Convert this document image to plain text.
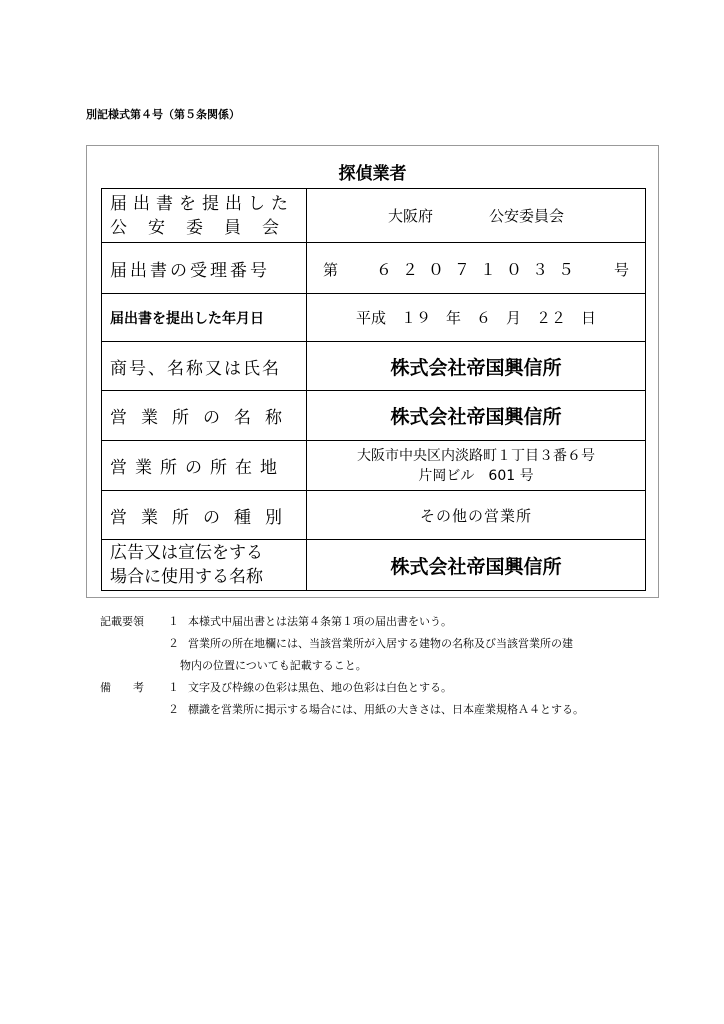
別記様式第４号（第５条関係）
探偵業者
届出書を提出した
公安委員会	大阪府 公安委員会
届出書の受理番号	第 ６２０７１０３５ 号
届出書を提出した年月日	平成　１９　年　６　月　２２　日
商号、名称又は氏名	株式会社帝国興信所
営業所の名称	株式会社帝国興信所
営業所の所在地	大阪市中央区内淡路町１丁目３番６号
片岡ビル　601 号

営業所の種別	その他の営業所

広告又は宣伝をする
場合に使用する名称	株式会社帝国興信所
記載要領	１ 本様式中届出書とは法第４条第１項の届出書をいう。
２ 営業所の所在地欄には、当該営業所が入居する建物の名称及び当該営業所の建
物内の位置についても記載すること。
備　　考	１ 文字及び枠線の色彩は黒色、地の色彩は白色とする。
２ 標識を営業所に掲示する場合には、用紙の大きさは、日本産業規格Ａ４とする。
